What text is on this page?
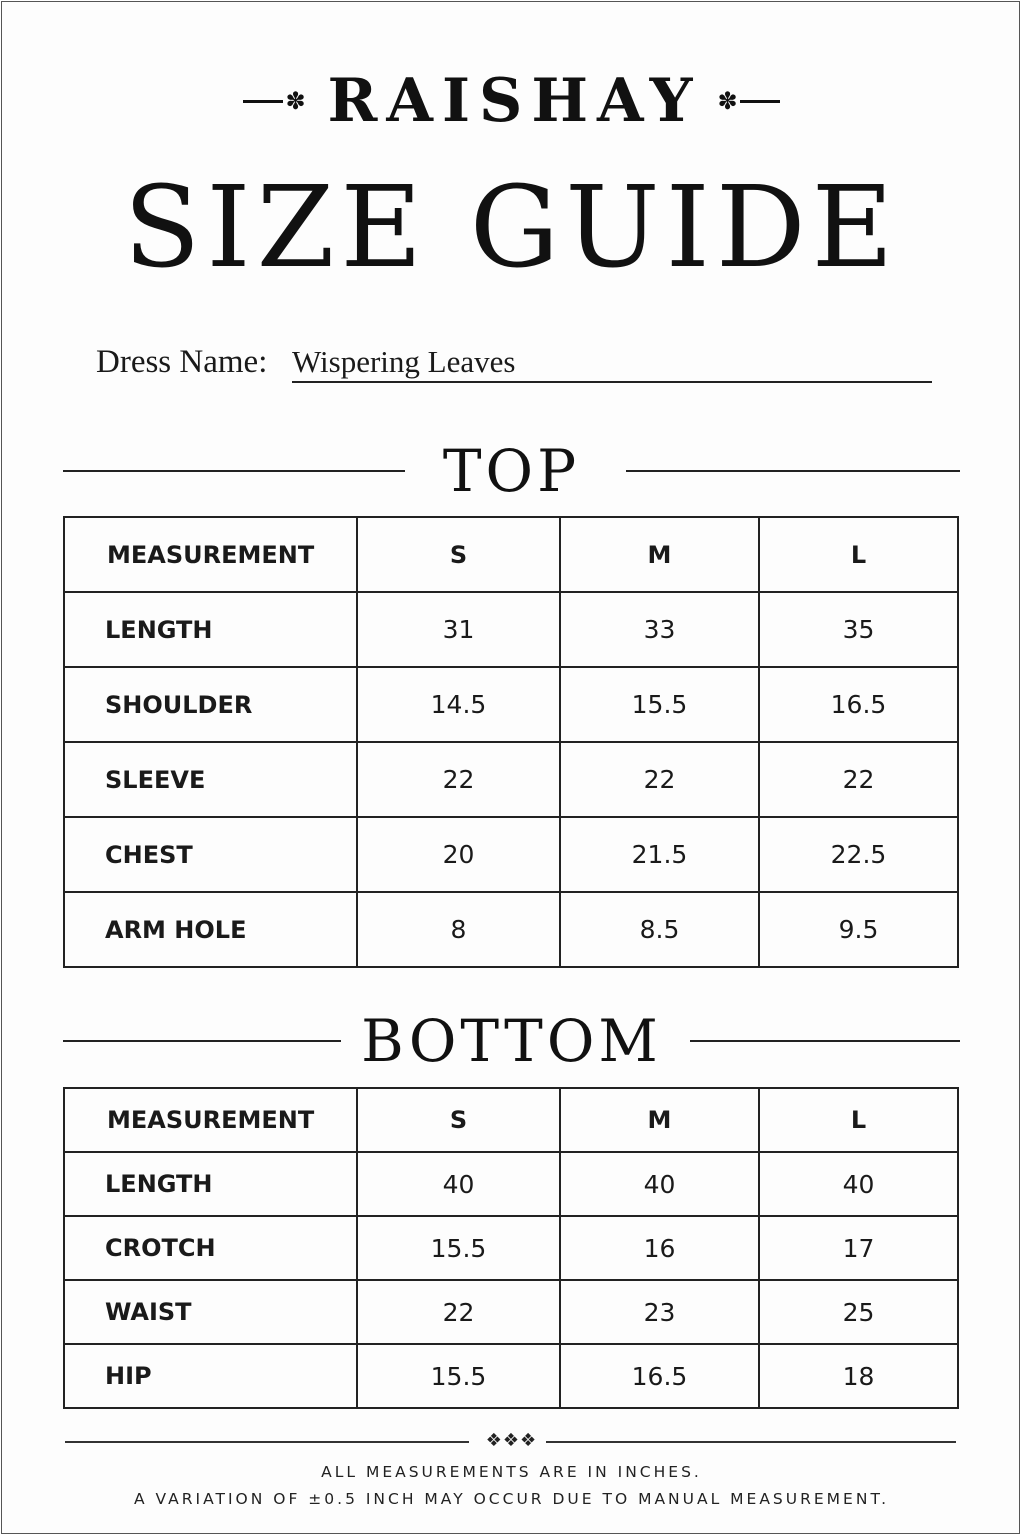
✽ RAISHAY ✽
SIZE GUIDE
Dress Name: Wispering Leaves
TOP
MEASUREMENT	S	M	L
LENGTH	31	33	35
SHOULDER	14.5	15.5	16.5
SLEEVE	22	22	22
CHEST	20	21.5	22.5
ARM HOLE	8	8.5	9.5
BOTTOM
MEASUREMENT	S	M	L
LENGTH	40	40	40
CROTCH	15.5	16	17
WAIST	22	23	25
HIP	15.5	16.5	18
❖❖❖
ALL MEASUREMENTS ARE IN INCHES.
A VARIATION OF ±0.5 INCH MAY OCCUR DUE TO MANUAL MEASUREMENT.
